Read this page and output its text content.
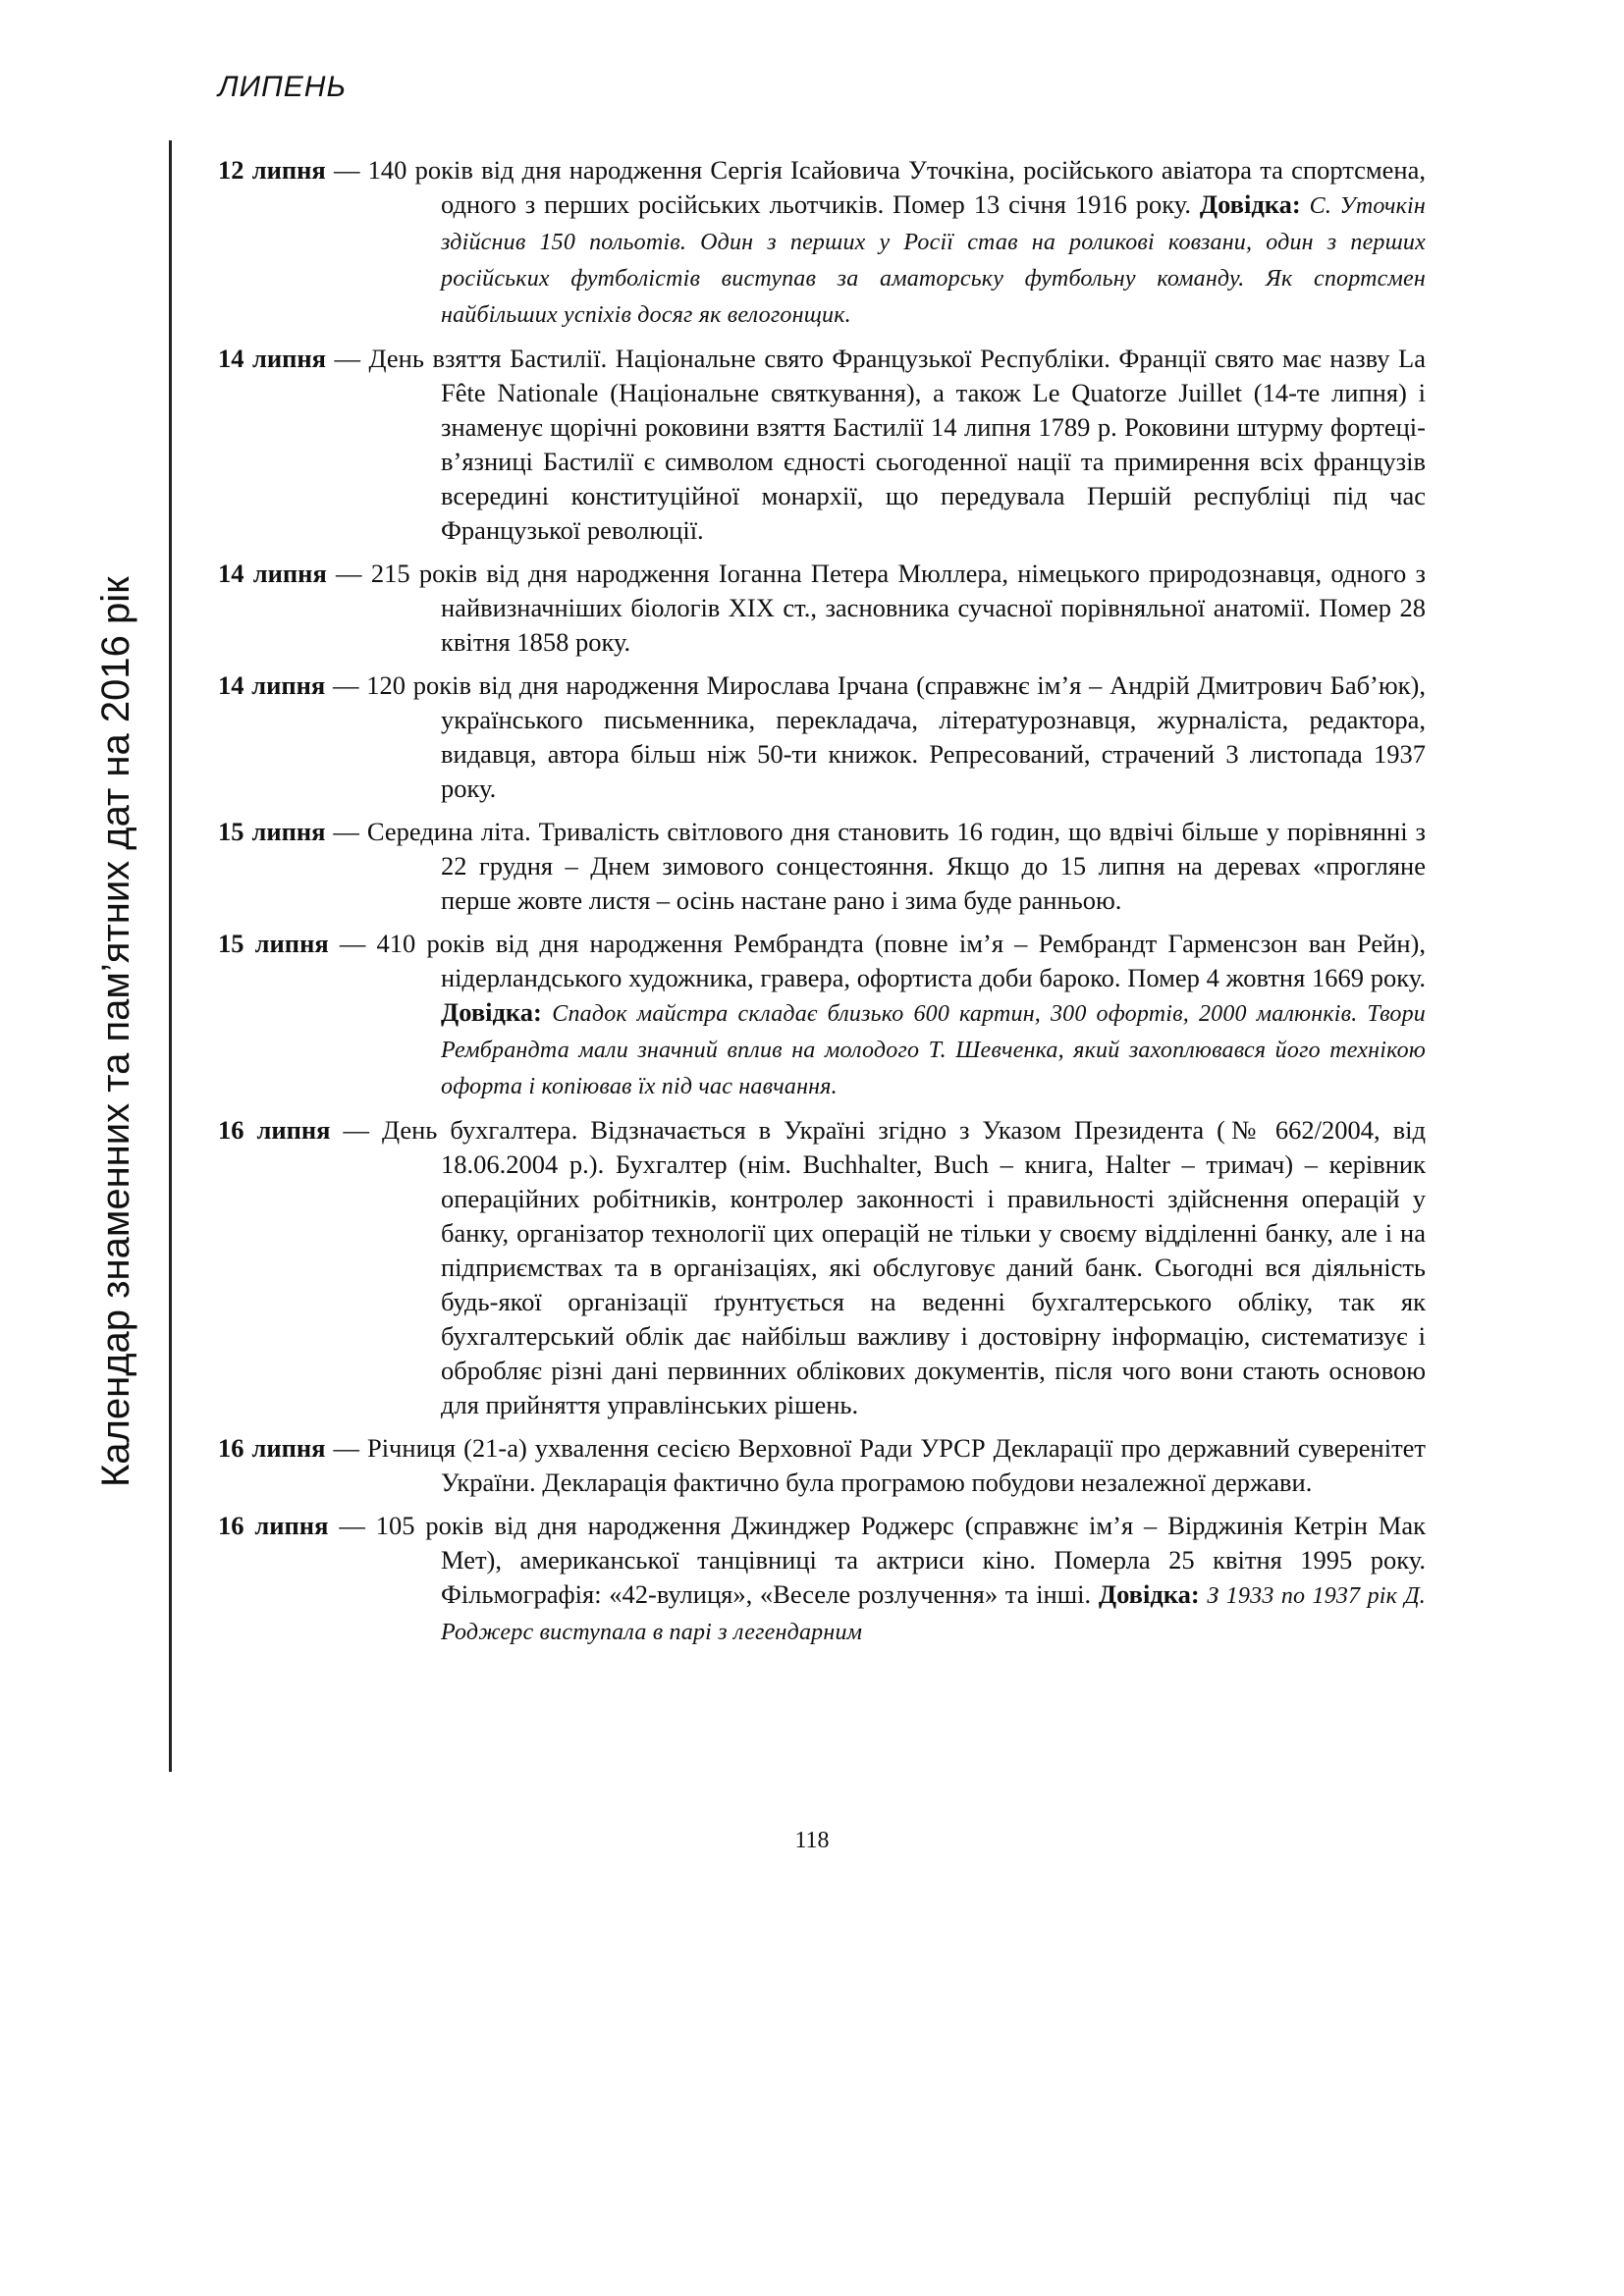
ЛИПЕНЬ
Календар знаменних та пам’ятних дат на 2016 рік

12 липня — 140 років від дня народження Сергія Ісайовича Уточкіна, російського авіатора та спортсмена, одного з перших російських льотчиків. Помер 13 січня 1916 року. Довідка: С. Уточкін здійснив 150 польотів. Один з перших у Росії став на роликові ковзани, один з перших російських футболістів виступав за аматорську футбольну команду. Як спортсмен найбільших успіхів досяг як велогонщик.

14 липня — День взяття Бастилії. Національне свято Французької Республіки. Франції свято має назву La Fête Nationale (Національне святкування), а також Le Quatorze Juillet (14-те липня) і знаменує щорічні роковини взяття Бастилії 14 липня 1789 р. Роковини штурму фортеці-в’язниці Бастилії є символом єдності сьогоденної нації та примирення всіх французів всередині конституційної монархії, що передувала Першій республіці під час Французької революції.

14 липня — 215 років від дня народження Іоганна Петера Мюллера, німецького природознавця, одного з найвизначніших біологів XIX ст., засновника сучасної порівняльної анатомії. Помер 28 квітня 1858 року.

14 липня — 120 років від дня народження Мирослава Ірчана (справжнє ім’я – Андрій Дмитрович Баб’юк), українського письменника, перекладача, літературознавця, журналіста, редактора, видавця, автора більш ніж 50-ти книжок. Репресований, страчений 3 листопада 1937 року.

15 липня — Середина літа. Тривалість світлового дня становить 16 годин, що вдвічі більше у порівнянні з 22 грудня – Днем зимового сонцестояння. Якщо до 15 липня на деревах «прогляне перше жовте листя – осінь настане рано і зима буде ранньою.

15 липня — 410 років від дня народження Рембрандта (повне ім’я – Рембрандт Гарменсзон ван Рейн), нідерландського художника, гравера, офортиста доби бароко. Помер 4 жовтня 1669 року. Довідка: Спадок майстра складає близько 600 картин, 300 офортів, 2000 малюнків. Твори Рембрандта мали значний вплив на молодого Т. Шевченка, який захоплювався його технікою офорта і копіював їх під час навчання.

16 липня — День бухгалтера. Відзначається в Україні згідно з Указом Президента (№ 662/2004, від 18.06.2004 р.). Бухгалтер (нім. Buchhalter, Buch – книга, Halter – тримач) – керівник операційних робітників, контролер законності і правильності здійснення операцій у банку, організатор технології цих операцій не тільки у своєму відділенні банку, але і на підприємствах та в організаціях, які обслуговує даний банк. Сьогодні вся діяльність будь-якої організації ґрунтується на веденні бухгалтерського обліку, так як бухгалтерський облік дає найбільш важливу і достовірну інформацію, систематизує і обробляє різні дані первинних облікових документів, після чого вони стають основою для прийняття управлінських рішень.

16 липня — Річниця (21-а) ухвалення сесією Верховної Ради УРСР Декларації про державний суверенітет України. Декларація фактично була програмою побудови незалежної держави.

16 липня — 105 років від дня народження Джинджер Роджерс (справжнє ім’я – Вірджинія Кетрін Мак Мет), американської танцівниці та актриси кіно. Померла 25 квітня 1995 року. Фільмографія: «42-вулиця», «Веселе розлучення» та інші. Довідка: З 1933 по 1937 рік Д. Роджерс виступала в парі з легендарним

118
